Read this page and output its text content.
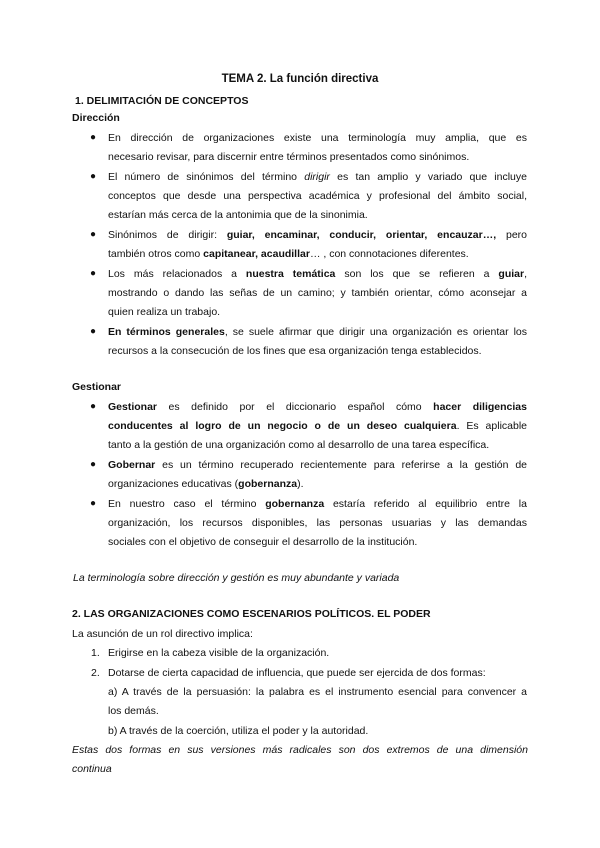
TEMA 2. La función directiva
1. DELIMITACIÓN DE CONCEPTOS
Dirección
● En dirección de organizaciones existe una terminología muy amplia, que es
necesario revisar, para discernir entre términos presentados como sinónimos.
● El número de sinónimos del término dirigir es tan amplio y variado que incluye
conceptos que desde una perspectiva académica y profesional del ámbito social,
estarían más cerca de la antonimia que de la sinonimia.
● Sinónimos de dirigir: guiar, encaminar, conducir, orientar, encauzar…, pero
también otros como capitanear, acaudillar… , con connotaciones diferentes.
● Los más relacionados a nuestra temática son los que se refieren a guiar,
mostrando o dando las señas de un camino; y también orientar, cómo aconsejar a
quien realiza un trabajo.
● En términos generales, se suele afirmar que dirigir una organización es orientar los
recursos a la consecución de los fines que esa organización tenga establecidos.
Gestionar
● Gestionar es definido por el diccionario español cómo hacer diligencias
conducentes al logro de un negocio o de un deseo cualquiera. Es aplicable
tanto a la gestión de una organización como al desarrollo de una tarea específica.
● Gobernar es un término recuperado recientemente para referirse a la gestión de
organizaciones educativas (gobernanza).
● En nuestro caso el término gobernanza estaría referido al equilibrio entre la
organización, los recursos disponibles, las personas usuarias y las demandas
sociales con el objetivo de conseguir el desarrollo de la institución.
La terminología sobre dirección y gestión es muy abundante y variada
2. LAS ORGANIZACIONES COMO ESCENARIOS POLÍTICOS. EL PODER
La asunción de un rol directivo implica:
1. Erigirse en la cabeza visible de la organización.
2. Dotarse de cierta capacidad de influencia, que puede ser ejercida de dos formas:
a) A través de la persuasión: la palabra es el instrumento esencial para convencer a
los demás.
b) A través de la coerción, utiliza el poder y la autoridad.
Estas dos formas en sus versiones más radicales son dos extremos de una dimensión
continua
